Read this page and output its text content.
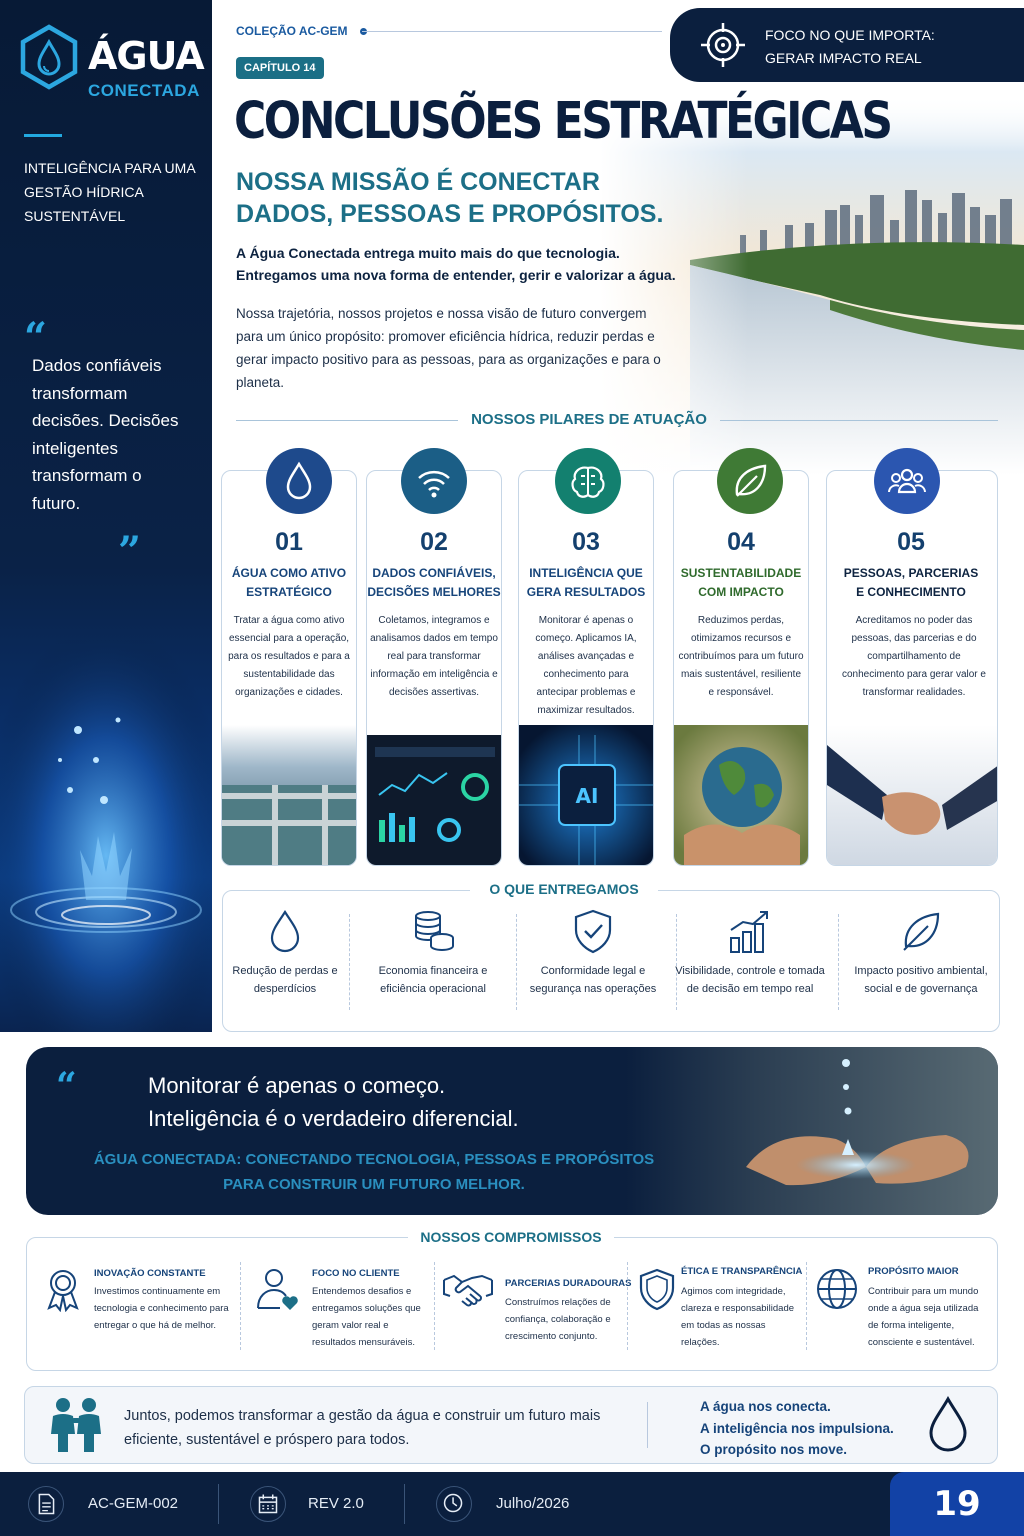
ÁGUA
CONECTADA
INTELIGÊNCIA PARA UMA GESTÃO HÍDRICA SUSTENTÁVEL
“
Dados confiáveis transformam decisões. Decisões inteligentes transformam o futuro.
”
COLEÇÃO AC-GEM
CAPÍTULO 14
FOCO NO QUE IMPORTA:
GERAR IMPACTO REAL
CONCLUSÕES ESTRATÉGICAS
NOSSA MISSÃO É CONECTAR DADOS, PESSOAS E PROPÓSITOS.
A Água Conectada entrega muito mais do que tecnologia. Entregamos uma nova forma de entender, gerir e valorizar a água.
Nossa trajetória, nossos projetos e nossa visão de futuro convergem para um único propósito: promover eficiência hídrica, reduzir perdas e gerar impacto positivo para as pessoas, para as organizações e para o planeta.
NOSSOS PILARES DE ATUAÇÃO
01
ÁGUA COMO ATIVO ESTRATÉGICO
Tratar a água como ativo essencial para a operação, para os resultados e para a sustentabilidade das organizações e cidades.
02
DADOS CONFIÁVEIS, DECISÕES MELHORES
Coletamos, integramos e analisamos dados em tempo real para transformar informação em inteligência e decisões assertivas.
AI
03
INTELIGÊNCIA QUE GERA RESULTADOS
Monitorar é apenas o começo. Aplicamos IA, análises avançadas e conhecimento para antecipar problemas e maximizar resultados.
04
SUSTENTABILIDADE COM IMPACTO
Reduzimos perdas, otimizamos recursos e contribuímos para um futuro mais sustentável, resiliente e responsável.
05
PESSOAS, PARCERIAS E CONHECIMENTO
Acreditamos no poder das pessoas, das parcerias e do compartilhamento de conhecimento para gerar valor e transformar realidades.
O QUE ENTREGAMOS
Redução de perdas e desperdícios
Economia financeira e eficiência operacional
Conformidade legal e segurança nas operações
Visibilidade, controle e tomada de decisão em tempo real
Impacto positivo ambiental, social e de governança
“	Monitorar é apenas o começo.
Inteligência é o verdadeiro diferencial.
ÁGUA CONECTADA: CONECTANDO TECNOLOGIA, PESSOAS E PROPÓSITOS PARA CONSTRUIR UM FUTURO MELHOR.
NOSSOS COMPROMISSOS
INOVAÇÃO CONSTANTE
Investimos continuamente em tecnologia e conhecimento para entregar o que há de melhor.
FOCO NO CLIENTE
Entendemos desafios e entregamos soluções que geram valor real e resultados mensuráveis.
PARCERIAS DURADOURAS
Construímos relações de confiança, colaboração e crescimento conjunto.
ÉTICA E TRANSPARÊNCIA
Agimos com integridade, clareza e responsabilidade em todas as nossas relações.
PROPÓSITO MAIOR
Contribuir para um mundo onde a água seja utilizada de forma inteligente, consciente e sustentável.
Juntos, podemos transformar a gestão da água e construir um futuro mais eficiente, sustentável e próspero para todos.
A água nos conecta.
A inteligência nos impulsiona.
O propósito nos move.
AC-GEM-002	REV 2.0	Julho/2026	19
